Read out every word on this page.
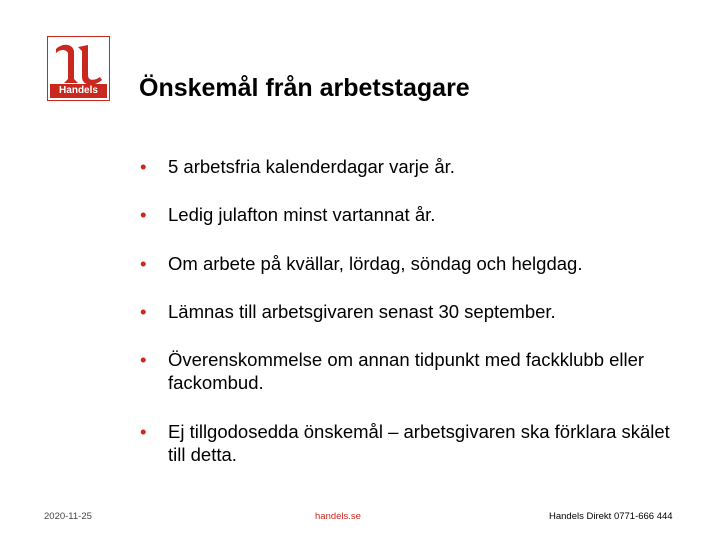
Handels	Önskemål från arbetstagare
• 5 arbetsfria kalenderdagar varje år.
• Ledig julafton minst vartannat år.
• Om arbete på kvällar, lördag, söndag och helgdag.
• Lämnas till arbetsgivaren senast 30 september.
• Överenskommelse om annan tidpunkt med fackklubb eller fackombud.
• Ej tillgodosedda önskemål – arbetsgivaren ska förklara skälet till detta.
2020-11-25	handels.se	Handels Direkt 0771-666 444
